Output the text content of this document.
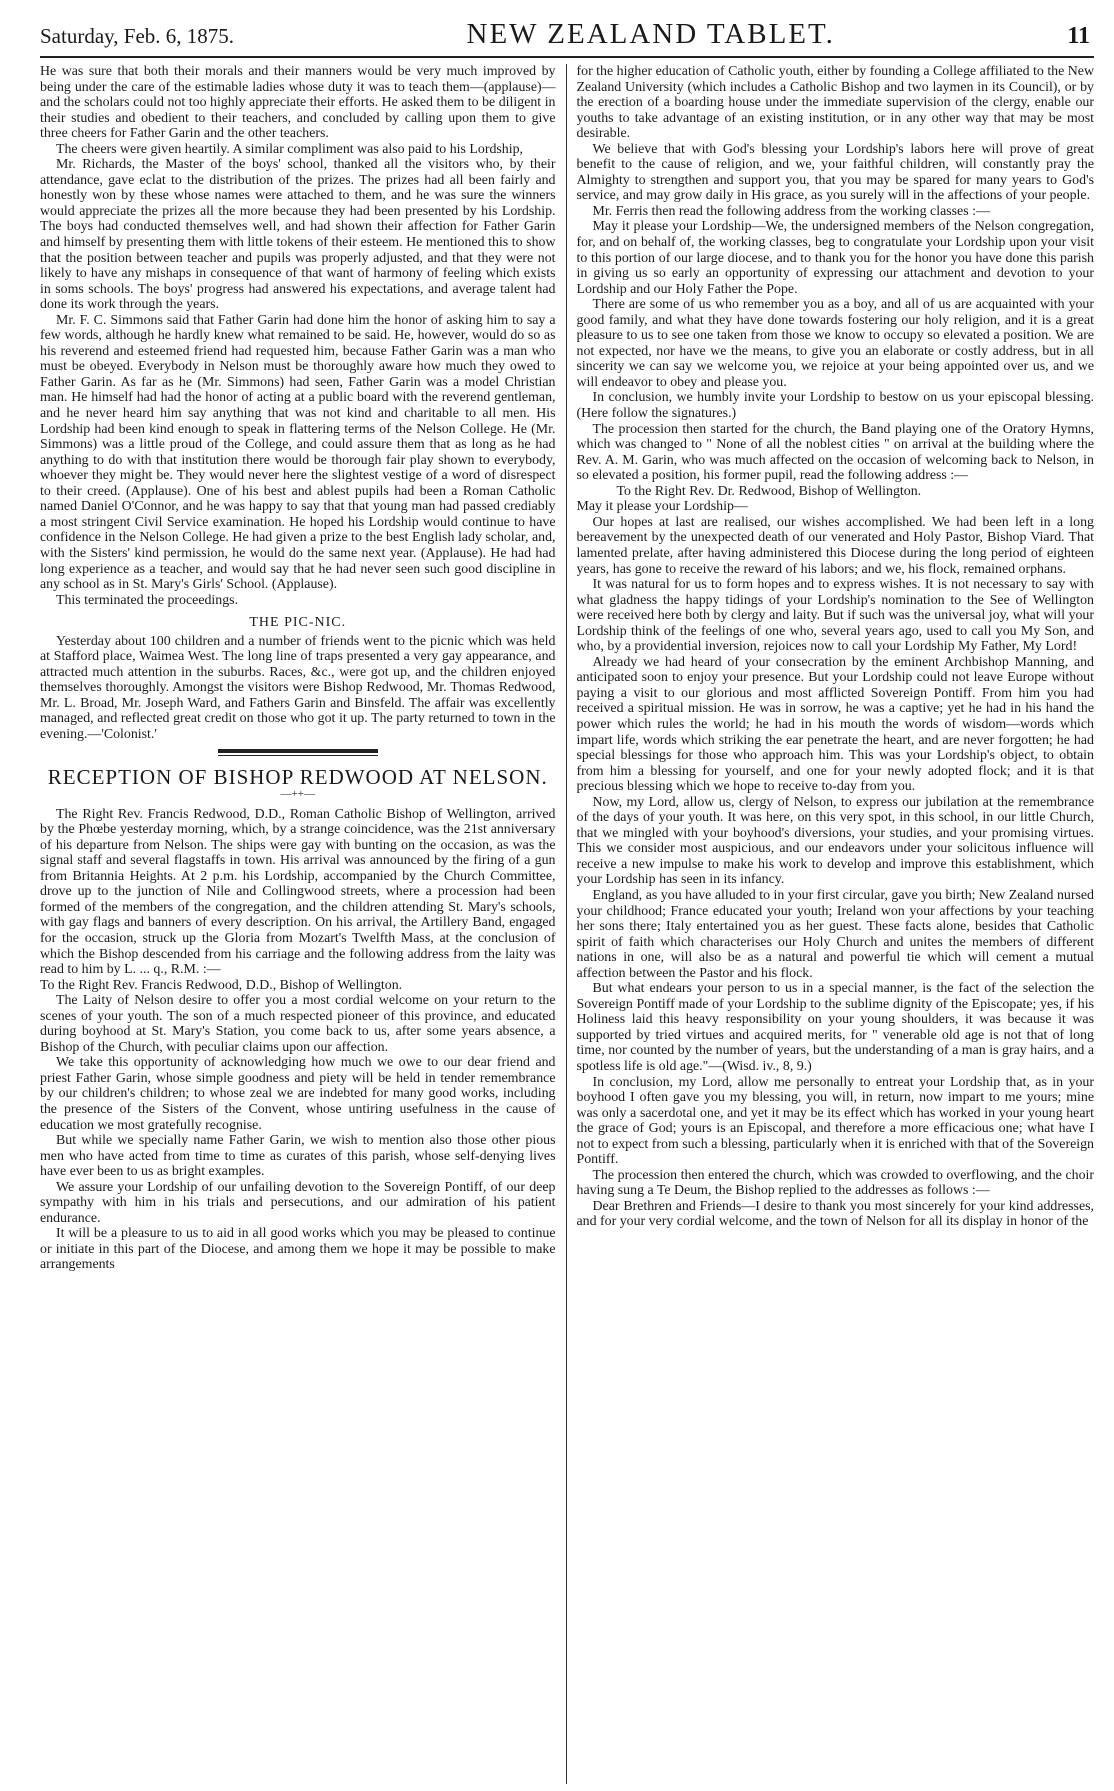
Saturday, Feb. 6, 1875.	NEW ZEALAND TABLET.	11

He was sure that both their morals and their manners would be very much improved by being under the care of the estimable ladies whose duty it was to teach them—(applause)—and the scholars could not too highly appreciate their efforts. He asked them to be diligent in their studies and obedient to their teachers, and concluded by calling upon them to give three cheers for Father Garin and the other teachers.

The cheers were given heartily. A similar compliment was also paid to his Lordship,

Mr. Richards, the Master of the boys' school, thanked all the visitors who, by their attendance, gave eclat to the distribution of the prizes. The prizes had all been fairly and honestly won by these whose names were attached to them, and he was sure the winners would appreciate the prizes all the more because they had been presented by his Lordship. The boys had conducted themselves well, and had shown their affection for Father Garin and himself by presenting them with little tokens of their esteem. He mentioned this to show that the position between teacher and pupils was properly adjusted, and that they were not likely to have any mishaps in consequence of that want of harmony of feeling which exists in soms schools. The boys' progress had answered his expectations, and average talent had done its work through the years.

Mr. F. C. Simmons said that Father Garin had done him the honor of asking him to say a few words, although he hardly knew what remained to be said. He, however, would do so as his reverend and esteemed friend had requested him, because Father Garin was a man who must be obeyed. Everybody in Nelson must be thoroughly aware how much they owed to Father Garin. As far as he (Mr. Simmons) had seen, Father Garin was a model Christian man. He himself had had the honor of acting at a public board with the reverend gentleman, and he never heard him say anything that was not kind and charitable to all men. His Lordship had been kind enough to speak in flattering terms of the Nelson College. He (Mr. Simmons) was a little proud of the College, and could assure them that as long as he had anything to do with that institution there would be thorough fair play shown to everybody, whoever they might be. They would never here the slightest vestige of a word of disrespect to their creed. (Applause). One of his best and ablest pupils had been a Roman Catholic named Daniel O'Connor, and he was happy to say that that young man had passed crediably a most stringent Civil Service examination. He hoped his Lordship would continue to have confidence in the Nelson College. He had given a prize to the best English lady scholar, and, with the Sisters' kind permission, he would do the same next year. (Applause). He had had long experience as a teacher, and would say that he had never seen such good discipline in any school as in St. Mary's Girls' School. (Applause).

This terminated the proceedings.

THE PIC-NIC.

Yesterday about 100 children and a number of friends went to the picnic which was held at Stafford place, Waimea West. The long line of traps presented a very gay appearance, and attracted much attention in the suburbs. Races, &c., were got up, and the children enjoyed themselves thoroughly. Amongst the visitors were Bishop Redwood, Mr. Thomas Redwood, Mr. L. Broad, Mr. Joseph Ward, and Fathers Garin and Binsfeld. The affair was excellently managed, and reflected great credit on those who got it up. The party returned to town in the evening.—'Colonist.'

RECEPTION OF BISHOP REDWOOD AT NELSON.
—++—

The Right Rev. Francis Redwood, D.D., Roman Catholic Bishop of Wellington, arrived by the Phœbe yesterday morning, which, by a strange coincidence, was the 21st anniversary of his departure from Nelson. The ships were gay with bunting on the occasion, as was the signal staff and several flagstaffs in town. His arrival was announced by the firing of a gun from Britannia Heights. At 2 p.m. his Lordship, accompanied by the Church Committee, drove up to the junction of Nile and Collingwood streets, where a procession had been formed of the members of the congregation, and the children attending St. Mary's schools, with gay flags and banners of every description. On his arrival, the Artillery Band, engaged for the occasion, struck up the Gloria from Mozart's Twelfth Mass, at the conclusion of which the Bishop descended from his carriage and the following address from the laity was read to him by L. ... q., R.M. :—

To the Right Rev. Francis Redwood, D.D., Bishop of Wellington.

The Laity of Nelson desire to offer you a most cordial welcome on your return to the scenes of your youth. The son of a much respected pioneer of this province, and educated during boyhood at St. Mary's Station, you come back to us, after some years absence, a Bishop of the Church, with peculiar claims upon our affection.

We take this opportunity of acknowledging how much we owe to our dear friend and priest Father Garin, whose simple goodness and piety will be held in tender remembrance by our children's children; to whose zeal we are indebted for many good works, including the presence of the Sisters of the Convent, whose untiring usefulness in the cause of education we most gratefully recognise.

But while we specially name Father Garin, we wish to mention also those other pious men who have acted from time to time as curates of this parish, whose self-denying lives have ever been to us as bright examples.

We assure your Lordship of our unfailing devotion to the Sovereign Pontiff, of our deep sympathy with him in his trials and persecutions, and our admiration of his patient endurance.

It will be a pleasure to us to aid in all good works which you may be pleased to continue or initiate in this part of the Diocese, and among them we hope it may be possible to make arrangements

for the higher education of Catholic youth, either by founding a College affiliated to the New Zealand University (which includes a Catholic Bishop and two laymen in its Council), or by the erection of a boarding house under the immediate supervision of the clergy, enable our youths to take advantage of an existing institution, or in any other way that may be most desirable.

We believe that with God's blessing your Lordship's labors here will prove of great benefit to the cause of religion, and we, your faithful children, will constantly pray the Almighty to strengthen and support you, that you may be spared for many years to God's service, and may grow daily in His grace, as you surely will in the affections of your people.

Mr. Ferris then read the following address from the working classes :—

May it please your Lordship—We, the undersigned members of the Nelson congregation, for, and on behalf of, the working classes, beg to congratulate your Lordship upon your visit to this portion of our large diocese, and to thank you for the honor you have done this parish in giving us so early an opportunity of expressing our attachment and devotion to your Lordship and our Holy Father the Pope.

There are some of us who remember you as a boy, and all of us are acquainted with your good family, and what they have done towards fostering our holy religion, and it is a great pleasure to us to see one taken from those we know to occupy so elevated a position. We are not expected, nor have we the means, to give you an elaborate or costly address, but in all sincerity we can say we welcome you, we rejoice at your being appointed over us, and we will endeavor to obey and please you.

In conclusion, we humbly invite your Lordship to bestow on us your episcopal blessing. (Here follow the signatures.)

The procession then started for the church, the Band playing one of the Oratory Hymns, which was changed to " None of all the noblest cities " on arrival at the building where the Rev. A. M. Garin, who was much affected on the occasion of welcoming back to Nelson, in so elevated a position, his former pupil, read the following address :—

To the Right Rev. Dr. Redwood, Bishop of Wellington.

May it please your Lordship—

Our hopes at last are realised, our wishes accomplished. We had been left in a long bereavement by the unexpected death of our venerated and Holy Pastor, Bishop Viard. That lamented prelate, after having administered this Diocese during the long period of eighteen years, has gone to receive the reward of his labors; and we, his flock, remained orphans.

It was natural for us to form hopes and to express wishes. It is not necessary to say with what gladness the happy tidings of your Lordship's nomination to the See of Wellington were received here both by clergy and laity. But if such was the universal joy, what will your Lordship think of the feelings of one who, several years ago, used to call you My Son, and who, by a providential inversion, rejoices now to call your Lordship My Father, My Lord!

Already we had heard of your consecration by the eminent Archbishop Manning, and anticipated soon to enjoy your presence. But your Lordship could not leave Europe without paying a visit to our glorious and most afflicted Sovereign Pontiff. From him you had received a spiritual mission. He was in sorrow, he was a captive; yet he had in his hand the power which rules the world; he had in his mouth the words of wisdom—words which impart life, words which striking the ear penetrate the heart, and are never forgotten; he had special blessings for those who approach him. This was your Lordship's object, to obtain from him a blessing for yourself, and one for your newly adopted flock; and it is that precious blessing which we hope to receive to-day from you.

Now, my Lord, allow us, clergy of Nelson, to express our jubilation at the remembrance of the days of your youth. It was here, on this very spot, in this school, in our little Church, that we mingled with your boyhood's diversions, your studies, and your promising virtues. This we consider most auspicious, and our endeavors under your solicitous influence will receive a new impulse to make his work to develop and improve this establishment, which your Lordship has seen in its infancy.

England, as you have alluded to in your first circular, gave you birth; New Zealand nursed your childhood; France educated your youth; Ireland won your affections by your teaching her sons there; Italy entertained you as her guest. These facts alone, besides that Catholic spirit of faith which characterises our Holy Church and unites the members of different nations in one, will also be as a natural and powerful tie which will cement a mutual affection between the Pastor and his flock.

But what endears your person to us in a special manner, is the fact of the selection the Sovereign Pontiff made of your Lordship to the sublime dignity of the Episcopate; yes, if his Holiness laid this heavy responsibility on your young shoulders, it was because it was supported by tried virtues and acquired merits, for " venerable old age is not that of long time, nor counted by the number of years, but the understanding of a man is gray hairs, and a spotless life is old age."—(Wisd. iv., 8, 9.)

In conclusion, my Lord, allow me personally to entreat your Lordship that, as in your boyhood I often gave you my blessing, you will, in return, now impart to me yours; mine was only a sacerdotal one, and yet it may be its effect which has worked in your young heart the grace of God; yours is an Episcopal, and therefore a more efficacious one; what have I not to expect from such a blessing, particularly when it is enriched with that of the Sovereign Pontiff.

The procession then entered the church, which was crowded to overflowing, and the choir having sung a Te Deum, the Bishop replied to the addresses as follows :—

Dear Brethren and Friends—I desire to thank you most sincerely for your kind addresses, and for your very cordial welcome, and the town of Nelson for all its display in honor of the
